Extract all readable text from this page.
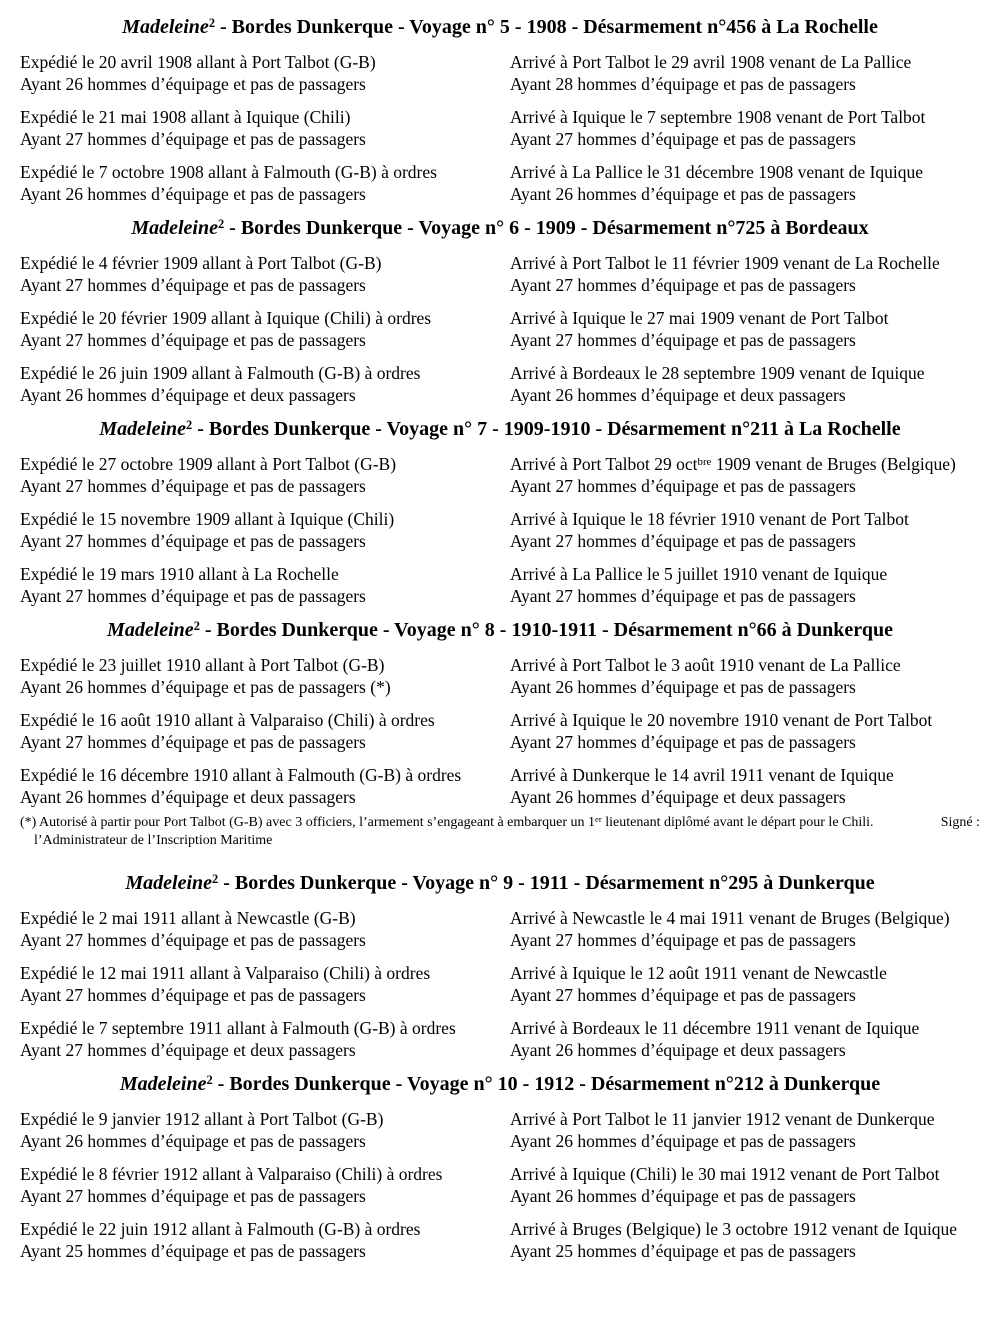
Madeleine$^2$ - Bordes Dunkerque - Voyage n° 5 - 1908 - Désarmement n°456 à La Rochelle
Expédié le 20 avril 1908 allant à Port Talbot (G-B)
Ayant 26 hommes d’équipage et pas de passagers
Arrivé à Port Talbot le 29 avril 1908 venant de La Pallice
Ayant 28 hommes d’équipage et pas de passagers
Expédié le 21 mai 1908 allant à Iquique (Chili)
Ayant 27 hommes d’équipage et pas de passagers
Arrivé à Iquique le 7 septembre 1908 venant de Port Talbot
Ayant 27 hommes d’équipage et pas de passagers
Expédié le 7 octobre 1908 allant à Falmouth (G-B) à ordres
Ayant 26 hommes d’équipage et pas de passagers
Arrivé à La Pallice le 31 décembre 1908 venant de Iquique
Ayant 26 hommes d’équipage et pas de passagers
Madeleine$^2$ - Bordes Dunkerque - Voyage n° 6 - 1909 - Désarmement n°725 à Bordeaux
Expédié le 4 février 1909 allant à Port Talbot (G-B)
Ayant 27 hommes d’équipage et pas de passagers
Arrivé à Port Talbot le 11 février 1909 venant de La Rochelle
Ayant 27 hommes d’équipage et pas de passagers
Expédié le 20 février 1909 allant à Iquique (Chili) à ordres
Ayant 27 hommes d’équipage et pas de passagers
Arrivé à Iquique le 27 mai 1909 venant de Port Talbot
Ayant 27 hommes d’équipage et pas de passagers
Expédié le 26 juin 1909 allant à Falmouth (G-B) à ordres
Ayant 26 hommes d’équipage et deux passagers
Arrivé à Bordeaux le 28 septembre 1909 venant de Iquique
Ayant 26 hommes d’équipage et deux passagers
Madeleine$^2$ - Bordes Dunkerque - Voyage n° 7 - 1909-1910 - Désarmement n°211 à La Rochelle
Expédié le 27 octobre 1909 allant à Port Talbot (G-B)
Ayant 27 hommes d’équipage et pas de passagers
Arrivé à Port Talbot 29 oct$^{bre}$ 1909 venant de Bruges (Belgique)
Ayant 27 hommes d’équipage et pas de passagers
Expédié le 15 novembre 1909 allant à Iquique (Chili)
Ayant 27 hommes d’équipage et pas de passagers
Arrivé à Iquique le 18 février 1910 venant de Port Talbot
Ayant 27 hommes d’équipage et pas de passagers
Expédié le 19 mars 1910 allant à La Rochelle
Ayant 27 hommes d’équipage et pas de passagers
Arrivé à La Pallice le 5 juillet 1910 venant de Iquique
Ayant 27 hommes d’équipage et pas de passagers
Madeleine$^2$ - Bordes Dunkerque - Voyage n° 8 - 1910-1911 - Désarmement n°66 à Dunkerque
Expédié le 23 juillet 1910 allant à Port Talbot (G-B)
Ayant 26 hommes d’équipage et pas de passagers (*)
Arrivé à Port Talbot le 3 août 1910 venant de La Pallice
Ayant 26 hommes d’équipage et pas de passagers
Expédié le 16 août 1910 allant à Valparaiso (Chili) à ordres
Ayant 27 hommes d’équipage et pas de passagers
Arrivé à Iquique le 20 novembre 1910 venant de Port Talbot
Ayant 27 hommes d’équipage et pas de passagers
Expédié le 16 décembre 1910 allant à Falmouth (G-B) à ordres
Ayant 26 hommes d’équipage et deux passagers
Arrivé à Dunkerque le 14 avril 1911 venant de Iquique
Ayant 26 hommes d’équipage et deux passagers
(*) Autorisé à partir pour Port Talbot (G-B) avec 3 officiers, l’armement s’engageant à embarquer un 1er lieutenant diplômé avant le départ pour le Chili.	Signé :
l’Administrateur de l’Inscription Maritime
Madeleine$^2$ - Bordes Dunkerque - Voyage n° 9 - 1911 - Désarmement n°295 à Dunkerque
Expédié le 2 mai 1911 allant à Newcastle (G-B)
Ayant 27 hommes d’équipage et pas de passagers
Arrivé à Newcastle le 4 mai 1911 venant de Bruges (Belgique)
Ayant 27 hommes d’équipage et pas de passagers
Expédié le 12 mai 1911 allant à Valparaiso (Chili) à ordres
Ayant 27 hommes d’équipage et pas de passagers
Arrivé à Iquique le 12 août 1911 venant de Newcastle
Ayant 27 hommes d’équipage et pas de passagers
Expédié le 7 septembre 1911 allant à Falmouth (G-B) à ordres
Ayant 27 hommes d’équipage et deux passagers
Arrivé à Bordeaux le 11 décembre 1911 venant de Iquique
Ayant 26 hommes d’équipage et deux passagers
Madeleine$^2$ - Bordes Dunkerque - Voyage n° 10 - 1912 - Désarmement n°212 à Dunkerque
Expédié le 9 janvier 1912 allant à Port Talbot (G-B)
Ayant 26 hommes d’équipage et pas de passagers
Arrivé à Port Talbot le 11 janvier 1912 venant de Dunkerque
Ayant 26 hommes d’équipage et pas de passagers
Expédié le 8 février 1912 allant à Valparaiso (Chili) à ordres
Ayant 27 hommes d’équipage et pas de passagers
Arrivé à Iquique (Chili) le 30 mai 1912 venant de Port Talbot
Ayant 26 hommes d’équipage et pas de passagers
Expédié le 22 juin 1912 allant à Falmouth (G-B) à ordres
Ayant 25 hommes d’équipage et pas de passagers
Arrivé à Bruges (Belgique) le 3 octobre 1912 venant de Iquique
Ayant 25 hommes d’équipage et pas de passagers
